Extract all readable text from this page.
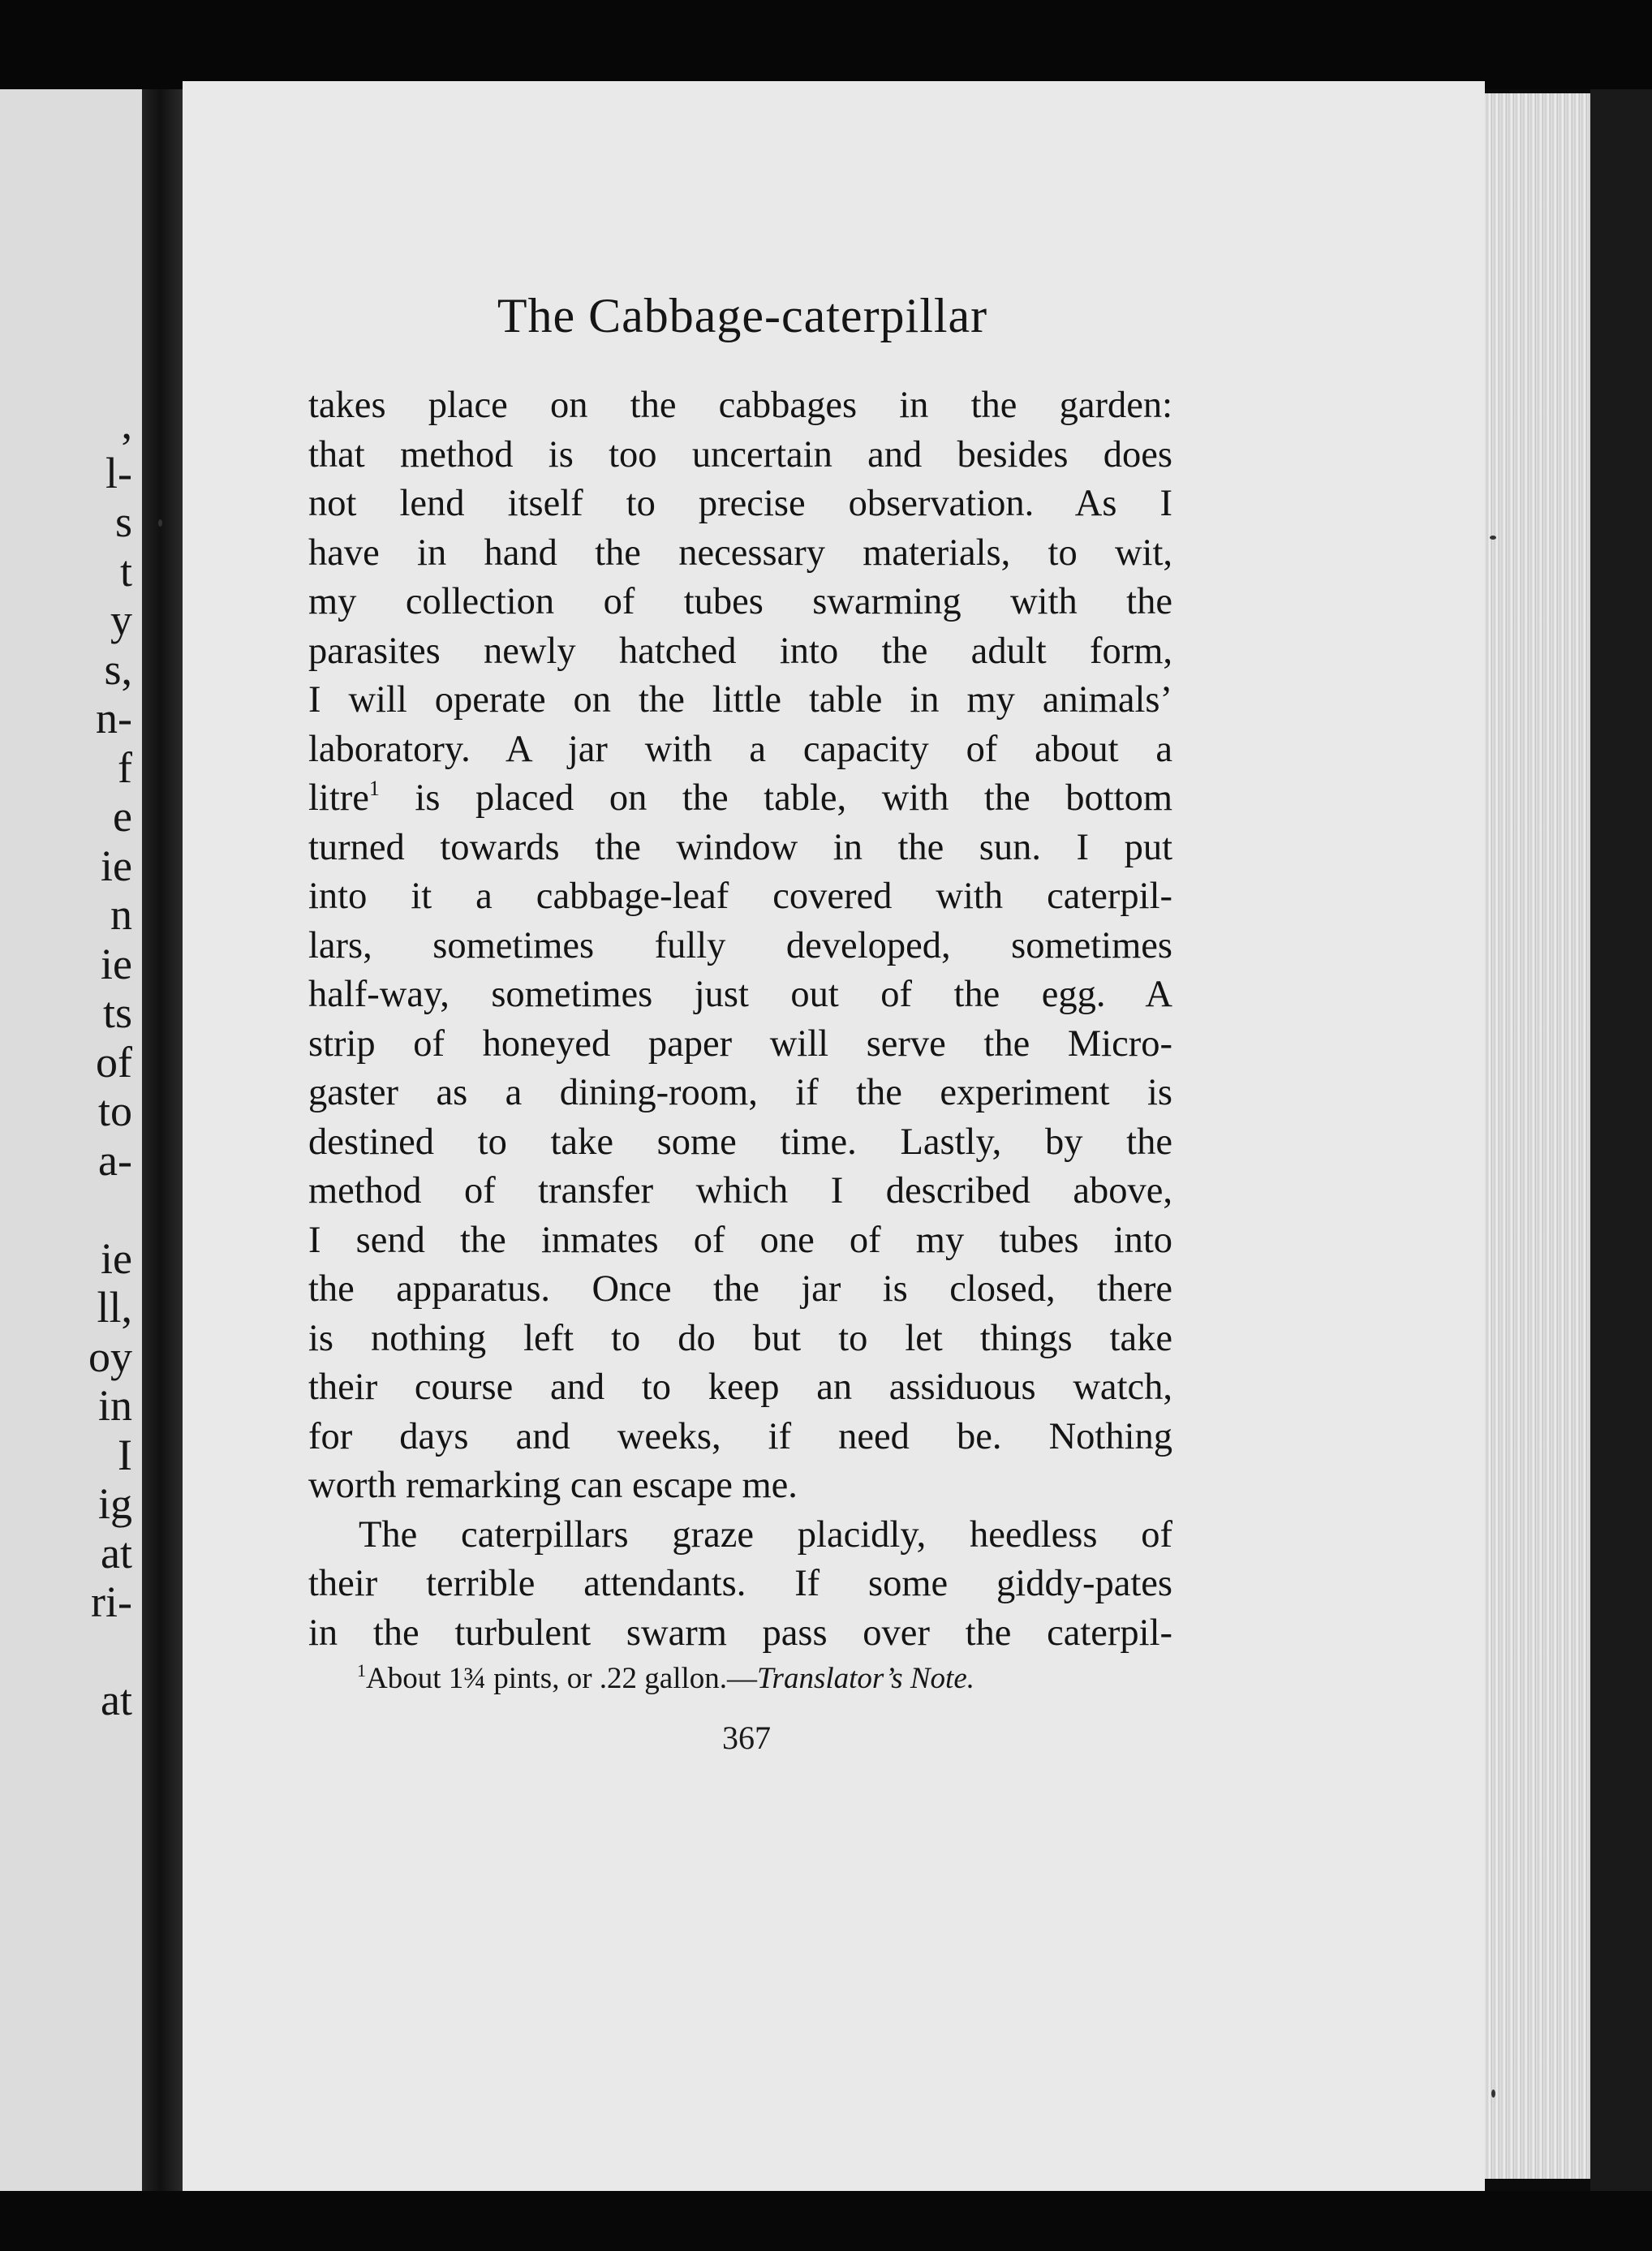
,
l-
s
t
y
s,
n-
f
e
ie
n
ie
ts
of
to
a-
ie
ll,
oy
in
I
ig
at
ri-
at
The Cabbage-caterpillar
takes place on the cabbages in the garden:
that method is too uncertain and besides does
not lend itself to precise observation. As I
have in hand the necessary materials, to wit,
my collection of tubes swarming with the
parasites newly hatched into the adult form,
I will operate on the little table in my animals’
laboratory. A jar with a capacity of about a
litre$^1$ is placed on the table, with the bottom
turned towards the window in the sun. I put
into it a cabbage-leaf covered with caterpil-
lars, sometimes fully developed, sometimes
half-way, sometimes just out of the egg. A
strip of honeyed paper will serve the Micro-
gaster as a dining-room, if the experiment is
destined to take some time. Lastly, by the
method of transfer which I described above,
I send the inmates of one of my tubes into
the apparatus. Once the jar is closed, there
is nothing left to do but to let things take
their course and to keep an assiduous watch,
for days and weeks, if need be. Nothing
worth remarking can escape me.
The caterpillars graze placidly, heedless of
their terrible attendants. If some giddy-pates
in the turbulent swarm pass over the caterpil-
$^1$About 1¾ pints, or .22 gallon.—Translator’s Note.
367
